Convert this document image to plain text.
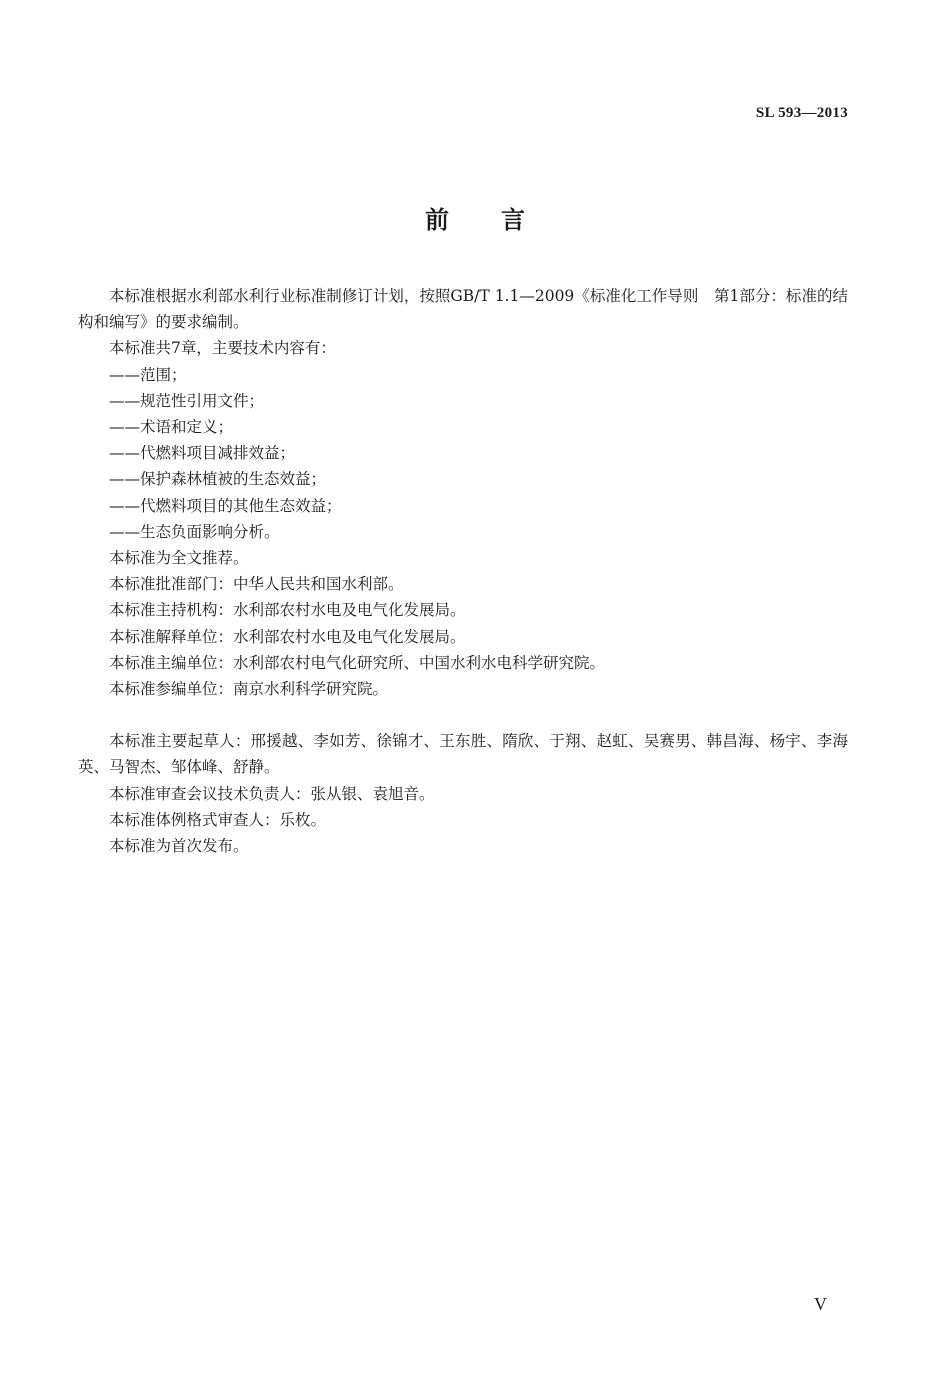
SL 593—2013
前言

本标准根据水利部水利行业标准制修订计划，按照GB/T 1.1—2009《标准化工作导则　第1部分：标准的结构和编写》的要求编制。

本标准共7章，主要技术内容有：

——范围；

——规范性引用文件；

——术语和定义；

——代燃料项目减排效益；

——保护森林植被的生态效益；

——代燃料项目的其他生态效益；

——生态负面影响分析。

本标准为全文推荐。

本标准批准部门：中华人民共和国水利部。

本标准主持机构：水利部农村水电及电气化发展局。

本标准解释单位：水利部农村水电及电气化发展局。

本标准主编单位：水利部农村电气化研究所、中国水利水电科学研究院。

本标准参编单位：南京水利科学研究院。

本标准主要起草人：邢援越、李如芳、徐锦才、王东胜、隋欣、于翔、赵虹、吴赛男、韩昌海、杨宇、李海英、马智杰、邹体峰、舒静。

本标准审查会议技术负责人：张从银、袁旭音。

本标准体例格式审查人：乐枚。

本标准为首次发布。

V
